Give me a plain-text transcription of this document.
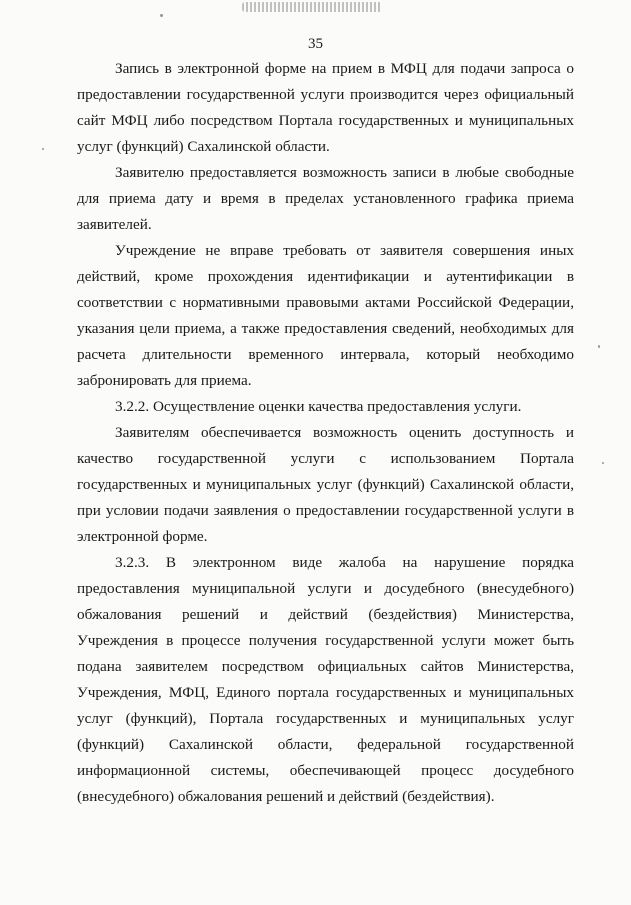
35

Запись в электронной форме на прием в МФЦ для подачи запроса о предоставлении государственной услуги производится через официальный сайт МФЦ либо посредством Портала государственных и муниципальных услуг (функций) Сахалинской области.

Заявителю предоставляется возможность записи в любые свободные для приема дату и время в пределах установленного графика приема заявителей.

Учреждение не вправе требовать от заявителя совершения иных действий, кроме прохождения идентификации и аутентификации в соответствии с нормативными правовыми актами Российской Федерации, указания цели приема, а также предоставления сведений, необходимых для расчета длительности временного интервала, который необходимо забронировать для приема.

3.2.2. Осуществление оценки качества предоставления услуги.

Заявителям обеспечивается возможность оценить доступность и качество государственной услуги с использованием Портала государственных и муниципальных услуг (функций) Сахалинской области, при условии подачи заявления о предоставлении государственной услуги в электронной форме.

3.2.3. В электронном виде жалоба на нарушение порядка предоставления муниципальной услуги и досудебного (внесудебного) обжалования решений и действий (бездействия) Министерства, Учреждения в процессе получения государственной услуги может быть подана заявителем посредством официальных сайтов Министерства, Учреждения, МФЦ, Единого портала государственных и муниципальных услуг (функций), Портала государственных и муниципальных услуг (функций) Сахалинской области, федеральной государственной информационной системы, обеспечивающей процесс досудебного (внесудебного) обжалования решений и действий (бездействия).
